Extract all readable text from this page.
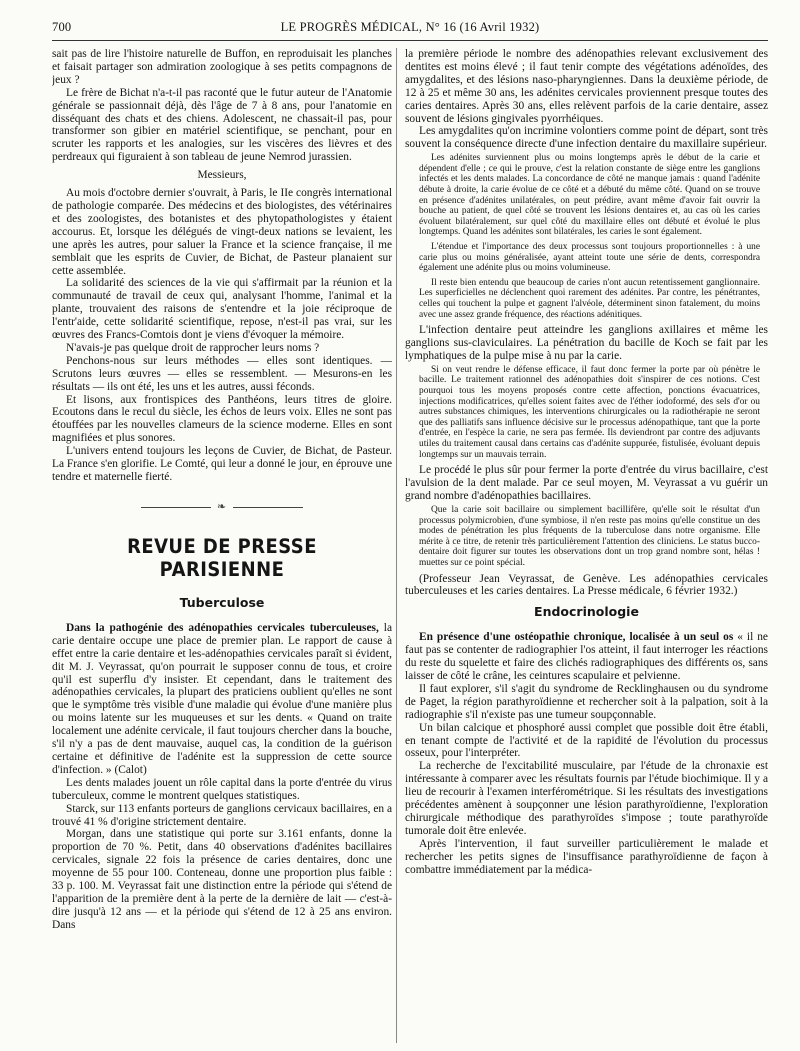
700	LE PROGRÈS MÉDICAL, N° 16 (16 Avril 1932)

sait pas de lire l'histoire naturelle de Buffon, en reproduisait les planches et faisait partager son admiration zoologique à ses petits compagnons de jeux ?

Le frère de Bichat n'a-t-il pas raconté que le futur auteur de l'Anatomie générale se passionnait déjà, dès l'âge de 7 à 8 ans, pour l'anatomie en disséquant des chats et des chiens. Adolescent, ne chassait-il pas, pour transformer son gibier en matériel scientifique, se penchant, pour en scruter les rapports et les analogies, sur les viscères des lièvres et des perdreaux qui figuraient à son tableau de jeune Nemrod jurassien.

Messieurs,

Au mois d'octobre dernier s'ouvrait, à Paris, le IIe congrès international de pathologie comparée. Des médecins et des biologistes, des vétérinaires et des zoologistes, des botanistes et des phytopathologistes y étaient accourus. Et, lorsque les délégués de vingt-deux nations se levaient, les une après les autres, pour saluer la France et la science française, il me semblait que les esprits de Cuvier, de Bichat, de Pasteur planaient sur cette assemblée.

La solidarité des sciences de la vie qui s'affirmait par la réunion et la communauté de travail de ceux qui, analysant l'homme, l'animal et la plante, trouvaient des raisons de s'entendre et la joie réciproque de l'entr'aide, cette solidarité scientifique, repose, n'est-il pas vrai, sur les œuvres des Francs-Comtois dont je viens d'évoquer la mémoire.

N'avais-je pas quelque droit de rapprocher leurs noms ?

Penchons-nous sur leurs méthodes — elles sont identiques. — Scrutons leurs œuvres — elles se ressemblent. — Mesurons-en les résultats — ils ont été, les uns et les autres, aussi féconds.

Et lisons, aux frontispices des Panthéons, leurs titres de gloire. Ecoutons dans le recul du siècle, les échos de leurs voix. Elles ne sont pas étouffées par les nouvelles clameurs de la science moderne. Elles en sont magnifiées et plus sonores.

L'univers entend toujours les leçons de Cuvier, de Bichat, de Pasteur. La France s'en glorifie. Le Comté, qui leur a donné le jour, en éprouve une tendre et maternelle fierté.

❧
REVUE DE PRESSE PARISIENNE
Tuberculose

Dans la pathogénie des adénopathies cervicales tuberculeuses, la carie dentaire occupe une place de premier plan. Le rapport de cause à effet entre la carie dentaire et les-adénopathies cervicales paraît si évident, dit M. J. Veyrassat, qu'on pourrait le supposer connu de tous, et croire qu'il est superflu d'y insister. Et cependant, dans le traitement des adénopathies cervicales, la plupart des praticiens oublient qu'elles ne sont que le symptôme très visible d'une maladie qui évolue d'une manière plus ou moins latente sur les muqueuses et sur les dents. « Quand on traite localement une adénite cervicale, il faut toujours chercher dans la bouche, s'il n'y a pas de dent mauvaise, auquel cas, la condition de la guérison certaine et définitive de l'adénite est la suppression de cette source d'infection. » (Calot)

Les dents malades jouent un rôle capital dans la porte d'entrée du virus tuberculeux, comme le montrent quelques statistiques.

Starck, sur 113 enfants porteurs de ganglions cervicaux bacillaires, en a trouvé 41 % d'origine strictement dentaire.

Morgan, dans une statistique qui porte sur 3.161 enfants, donne la proportion de 70 %. Petit, dans 40 observations d'adénites bacillaires cervicales, signale 22 fois la présence de caries dentaires, donc une moyenne de 55 pour 100. Conteneau, donne une proportion plus faible : 33 p. 100. M. Veyrassat fait une distinction entre la période qui s'étend de l'apparition de la première dent à la perte de la dernière de lait — c'est-à-dire jusqu'à 12 ans — et la période qui s'étend de 12 à 25 ans environ. Dans

la première période le nombre des adénopathies relevant exclusivement des dentites est moins élevé ; il faut tenir compte des végétations adénoïdes, des amygdalites, et des lésions naso-pharyngiennes. Dans la deuxième période, de 12 à 25 et même 30 ans, les adénites cervicales proviennent presque toutes des caries dentaires. Après 30 ans, elles relèvent parfois de la carie dentaire, assez souvent de lésions gingivales pyorrhéiques.

Les amygdalites qu'on incrimine volontiers comme point de départ, sont très souvent la conséquence directe d'une infection dentaire du maxillaire supérieur.

Les adénites surviennent plus ou moins longtemps après le début de la carie et dépendent d'elle ; ce qui le prouve, c'est la relation constante de siège entre les ganglions infectés et les dents malades. La concordance de côté ne manque jamais : quand l'adénite débute à droite, la carie évolue de ce côté et a débuté du même côté. Quand on se trouve en présence d'adénites unilatérales, on peut prédire, avant même d'avoir fait ouvrir la bouche au patient, de quel côté se trouvent les lésions dentaires et, au cas où les caries évoluent bilatéralement, sur quel côté du maxillaire elles ont débuté et évolué le plus longtemps. Quand les adénites sont bilatérales, les caries le sont également.

L'étendue et l'importance des deux processus sont toujours proportionnelles : à une carie plus ou moins généralisée, ayant atteint toute une série de dents, correspondra également une adénite plus ou moins volumineuse.

Il reste bien entendu que beaucoup de caries n'ont aucun retentissement ganglionnaire. Les superficielles ne déclenchent quoi rarement des adénites. Par contre, les pénétrantes, celles qui touchent la pulpe et gagnent l'alvéole, déterminent sinon fatalement, du moins avec une assez grande fréquence, des réactions adénitiques.

L'infection dentaire peut atteindre les ganglions axillaires et même les ganglions sus-claviculaires. La pénétration du bacille de Koch se fait par les lymphatiques de la pulpe mise à nu par la carie.

Si on veut rendre le défense efficace, il faut donc fermer la porte par où pénètre le bacille. Le traitement rationnel des adénopathies doit s'inspirer de ces notions. C'est pourquoi tous les moyens proposés contre cette affection, ponctions évacuatrices, injections modificatrices, qu'elles soient faites avec de l'éther iodoformé, des sels d'or ou autres substances chimiques, les interventions chirurgicales ou la radiothérapie ne seront que des palliatifs sans influence décisive sur le processus adénopathique, tant que la porte d'entrée, en l'espèce la carie, ne sera pas fermée. Ils deviendront par contre des adjuvants utiles du traitement causal dans certains cas d'adénite suppurée, fistulisée, évoluant depuis longtemps sur un mauvais terrain.

Le procédé le plus sûr pour fermer la porte d'entrée du virus bacillaire, c'est l'avulsion de la dent malade. Par ce seul moyen, M. Veyrassat a vu guérir un grand nombre d'adénopathies bacillaires.

Que la carie soit bacillaire ou simplement bacillifère, qu'elle soit le résultat d'un processus polymicrobien, d'une symbiose, il n'en reste pas moins qu'elle constitue un des modes de pénétration les plus fréquents de la tuberculose dans notre organisme. Elle mérite à ce titre, de retenir très particulièrement l'attention des cliniciens. Le status bucco-dentaire doit figurer sur toutes les observations dont un trop grand nombre sont, hélas ! muettes sur ce point spécial.

(Professeur Jean Veyrassat, de Genève. Les adénopathies cervicales tuberculeuses et les caries dentaires. La Presse médicale, 6 février 1932.)

Endocrinologie

En présence d'une ostéopathie chronique, localisée à un seul os « il ne faut pas se contenter de radiographier l'os atteint, il faut interroger les réactions du reste du squelette et faire des clichés radiographiques des différents os, sans laisser de côté le crâne, les ceintures scapulaire et pelvienne.

Il faut explorer, s'il s'agit du syndrome de Recklinghausen ou du syndrome de Paget, la région parathyroïdienne et rechercher soit à la palpation, soit à la radiographie s'il n'existe pas une tumeur soupçonnable.

Un bilan calcique et phosphoré aussi complet que possible doit être établi, en tenant compte de l'activité et de la rapidité de l'évolution du processus osseux, pour l'interpréter.

La recherche de l'excitabilité musculaire, par l'étude de la chronaxie est intéressante à comparer avec les résultats fournis par l'étude biochimique. Il y a lieu de recourir à l'examen interférométrique. Si les résultats des investigations précédentes amènent à soupçonner une lésion parathyroïdienne, l'exploration chirurgicale méthodique des parathyroïdes s'impose ; toute parathyroïde tumorale doit être enlevée.

Après l'intervention, il faut surveiller particulièrement le malade et rechercher les petits signes de l'insuffisance parathyroïdienne de façon à combattre immédiatement par la médica-
